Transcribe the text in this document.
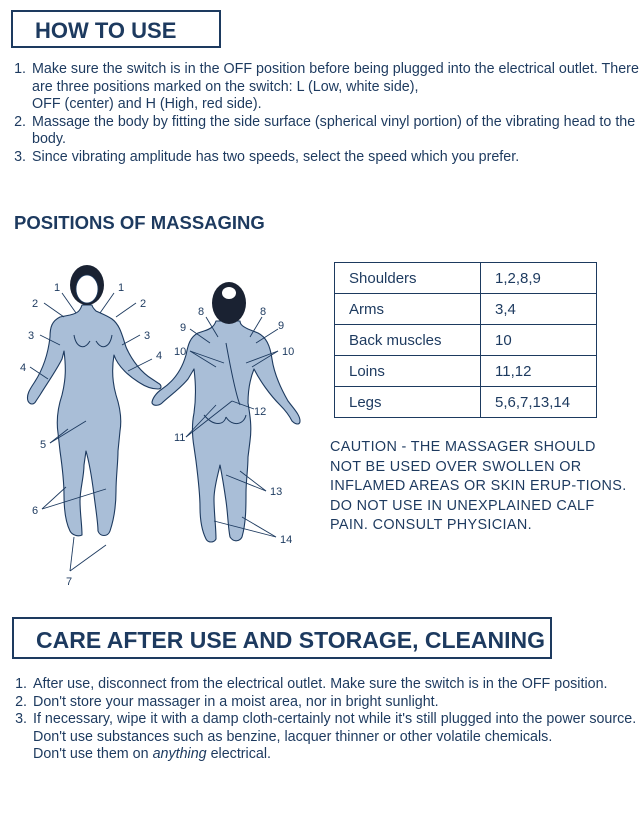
HOW TO USE
1. Make sure the switch is in the OFF position before being plugged into the electrical outlet. There are three positions marked on the switch: L (Low, white side),
OFF (center) and H (High, red side).
2. Massage the body by fitting the side surface (spherical vinyl portion) of the vibrating head to the body.
3. Since vibrating amplitude has two speeds, select the speed which you prefer.
POSITIONS OF MASSAGING
1	1
2	2
3	3
4
4
5
6
7
8	8
9	9
10	10
11
12
13
14
Shoulders	1,2,8,9
Arms	3,4
Back muscles	10
Loins	11,12
Legs	5,6,7,13,14

CAUTION - THE MASSAGER SHOULD NOT BE USED OVER SWOLLEN OR INFLAMED AREAS OR SKIN ERUP-TIONS. DO NOT USE IN UNEXPLAINED CALF PAIN. CONSULT PHYSICIAN.

CARE AFTER USE AND STORAGE, CLEANING
1. After use, disconnect from the electrical outlet. Make sure the switch is in the OFF position.
2. Don't store your massager in a moist area, nor in bright sunlight.
3. If necessary, wipe it with a damp cloth-certainly not while it's still plugged into the power source. Don't use substances such as benzine, lacquer thinner or other volatile chemicals.
Don't use them on anything electrical.
